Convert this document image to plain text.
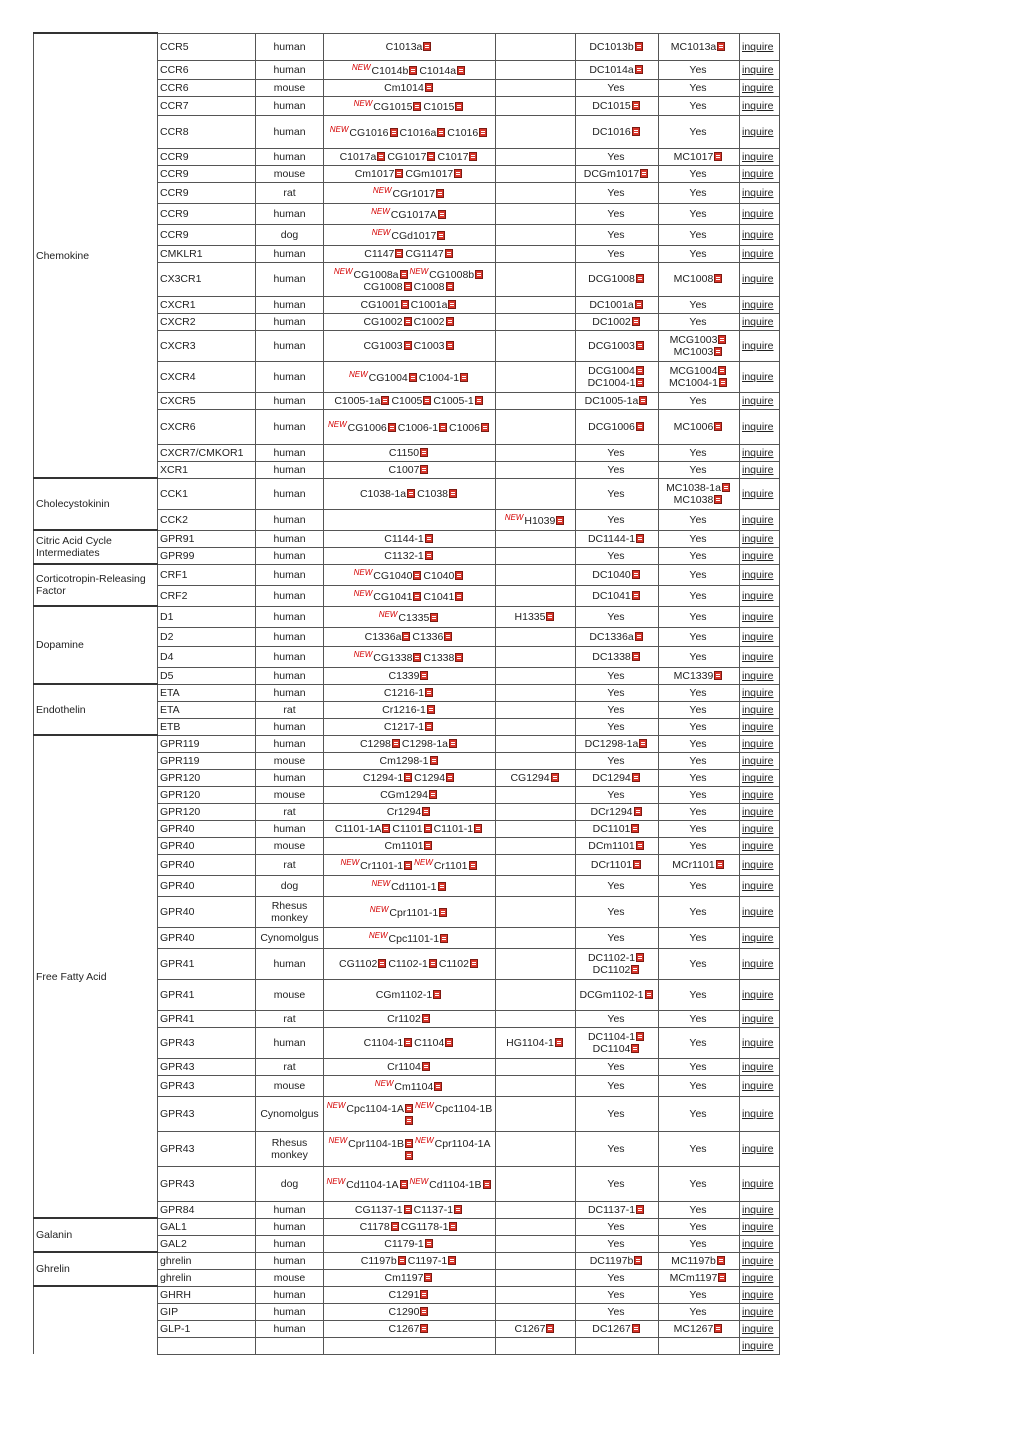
Chemokine	CCR5	human	C1013a		DC1013b	MC1013a	inquire
	CCR6	human	$^{NEW}$C1014b C1014a		DC1014a	Yes	inquire
	CCR6	mouse	Cm1014		Yes	Yes	inquire
	CCR7	human	$^{NEW}$CG1015 C1015		DC1015	Yes	inquire
	CCR8	human	$^{NEW}$CG1016 C1016a C1016		DC1016	Yes	inquire
	CCR9	human	C1017a CG1017 C1017		Yes	MC1017	inquire
	CCR9	mouse	Cm1017 CGm1017		DCGm1017	Yes	inquire
	CCR9	rat	$^{NEW}$CGr1017		Yes	Yes	inquire
	CCR9	human	$^{NEW}$CG1017A		Yes	Yes	inquire
	CCR9	dog	$^{NEW}$CGd1017		Yes	Yes	inquire
	CMKLR1	human	C1147 CG1147		Yes	Yes	inquire
	CX3CR1	human	$^{NEW}$CG1008a $^{NEW}$CG1008bCG1008 C1008		DCG1008	MC1008	inquire
	CXCR1	human	CG1001 C1001a		DC1001a	Yes	inquire
	CXCR2	human	CG1002 C1002		DC1002	Yes	inquire
	CXCR3	human	CG1003 C1003		DCG1003	MCG1003
MC1003	inquire
	CXCR4	human	$^{NEW}$CG1004 C1004-1		DCG1004
DC1004-1	MCG1004
MC1004-1	inquire
	CXCR5	human	C1005-1a C1005 C1005-1		DC1005-1a	Yes	inquire
	CXCR6	human	$^{NEW}$CG1006 C1006-1 C1006		DCG1006	MC1006	inquire
	CXCR7/CMKOR1	human	C1150		Yes	Yes	inquire
	XCR1	human	C1007		Yes	Yes	inquire
Cholecystokinin	CCK1	human	C1038-1a C1038		Yes	MC1038-1a
MC1038	inquire
	CCK2	human		$^{NEW}$H1039	Yes	Yes	inquire
Citric Acid Cycle Intermediates	GPR91	human	C1144-1		DC1144-1	Yes	inquire
	GPR99	human	C1132-1		Yes	Yes	inquire
Corticotropin-Releasing Factor	CRF1	human	$^{NEW}$CG1040 C1040		DC1040	Yes	inquire
	CRF2	human	$^{NEW}$CG1041 C1041		DC1041	Yes	inquire
Dopamine	D1	human	$^{NEW}$C1335	H1335	Yes	Yes	inquire
	D2	human	C1336a C1336		DC1336a	Yes	inquire
	D4	human	$^{NEW}$CG1338 C1338		DC1338	Yes	inquire
	D5	human	C1339		Yes	MC1339	inquire
Endothelin	ETA	human	C1216-1		Yes	Yes	inquire
	ETA	rat	Cr1216-1		Yes	Yes	inquire
	ETB	human	C1217-1		Yes	Yes	inquire
Free Fatty Acid	GPR119	human	C1298 C1298-1a		DC1298-1a	Yes	inquire
	GPR119	mouse	Cm1298-1		Yes	Yes	inquire
	GPR120	human	C1294-1 C1294	CG1294	DC1294	Yes	inquire
	GPR120	mouse	CGm1294		Yes	Yes	inquire
	GPR120	rat	Cr1294		DCr1294	Yes	inquire
	GPR40	human	C1101-1A C1101 C1101-1		DC1101	Yes	inquire
	GPR40	mouse	Cm1101		DCm1101	Yes	inquire
	GPR40	rat	$^{NEW}$Cr1101-1 $^{NEW}$Cr1101		DCr1101	MCr1101	inquire
	GPR40	dog	$^{NEW}$Cd1101-1		Yes	Yes	inquire
	GPR40	Rhesus monkey	$^{NEW}$Cpr1101-1		Yes	Yes	inquire
	GPR40	Cynomolgus	$^{NEW}$Cpc1101-1		Yes	Yes	inquire
	GPR41	human	CG1102 C1102-1 C1102		DC1102-1
DC1102	Yes	inquire
	GPR41	mouse	CGm1102-1		DCGm1102-1	Yes	inquire
	GPR41	rat	Cr1102		Yes	Yes	inquire
	GPR43	human	C1104-1 C1104	HG1104-1	DC1104-1
DC1104	Yes	inquire
	GPR43	rat	Cr1104		Yes	Yes	inquire
	GPR43	mouse	$^{NEW}$Cm1104		Yes	Yes	inquire
	GPR43	Cynomolgus	$^{NEW}$Cpc1104-1A $^{NEW}$Cpc1104-1B		Yes	Yes	inquire
	GPR43	Rhesus monkey	$^{NEW}$Cpr1104-1B $^{NEW}$Cpr1104-1A		Yes	Yes	inquire
	GPR43	dog	$^{NEW}$Cd1104-1A $^{NEW}$Cd1104-1B		Yes	Yes	inquire
	GPR84	human	CG1137-1 C1137-1		DC1137-1	Yes	inquire
Galanin	GAL1	human	C1178 CG1178-1		Yes	Yes	inquire
	GAL2	human	C1179-1		Yes	Yes	inquire
Ghrelin	ghrelin	human	C1197b C1197-1		DC1197b	MC1197b	inquire
	ghrelin	mouse	Cm1197		Yes	MCm1197	inquire
	GHRH	human	C1291		Yes	Yes	inquire
	GIP	human	C1290		Yes	Yes	inquire
	GLP-1	human	C1267	C1267	DC1267	MC1267	inquire
							inquire
